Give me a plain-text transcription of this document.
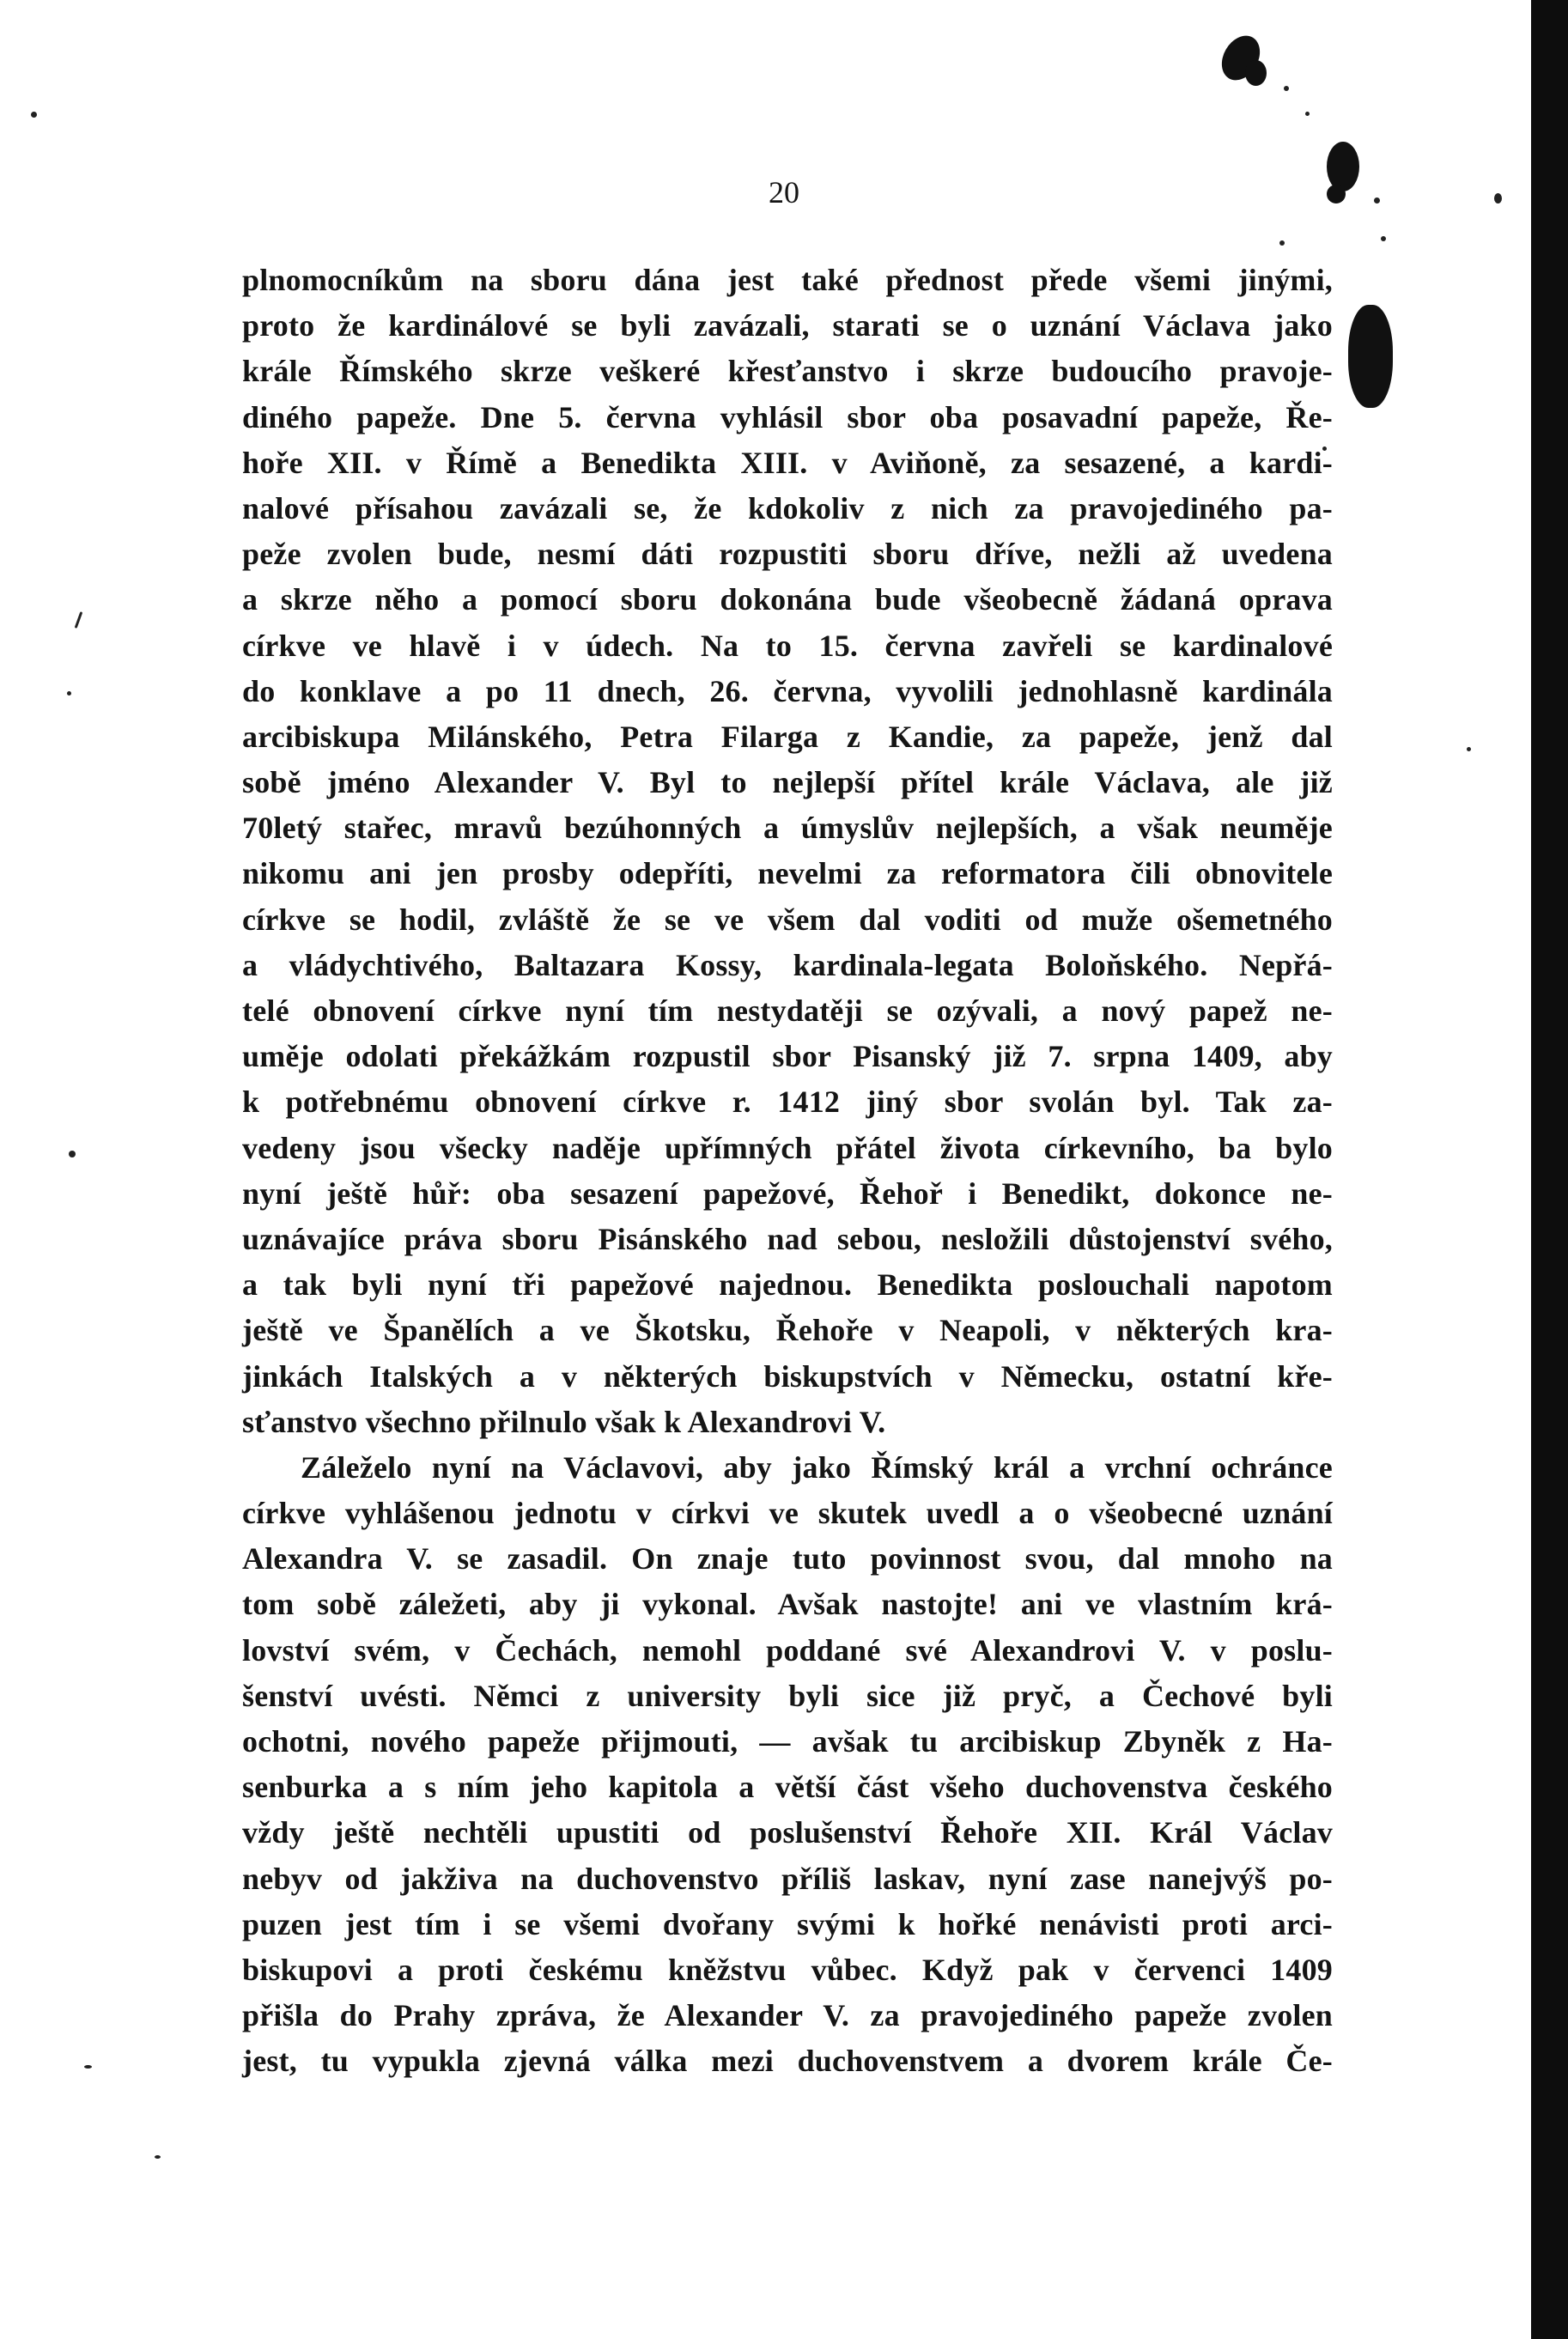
20
plnomocníkům na sboru dána jest také přednost přede všemi jinými,
proto že kardinálové se byli zavázali, starati se o uznání Václava jako
krále Římského skrze veškeré křesťanstvo i skrze budoucího pravoje-
diného papeže. Dne 5. června vyhlásil sbor oba posavadní papeže, Ře-
hoře XII. v Římě a Benedikta XIII. v Aviňoně, za sesazené, a kardi-
nalové přísahou zavázali se, že kdokoliv z nich za pravojediného pa-
peže zvolen bude, nesmí dáti rozpustiti sboru dříve, nežli až uvedena
a skrze něho a pomocí sboru dokonána bude všeobecně žádaná oprava
církve ve hlavě i v údech. Na to 15. června zavřeli se kardinalové
do konklave a po 11 dnech, 26. června, vyvolili jednohlasně kardinála
arcibiskupa Milánského, Petra Filarga z Kandie, za papeže, jenž dal
sobě jméno Alexander V. Byl to nejlepší přítel krále Václava, ale již
70letý stařec, mravů bezúhonných a úmyslův nejlepších, a však neuměje
nikomu ani jen prosby odepříti, nevelmi za reformatora čili obnovitele
církve se hodil, zvláště že se ve všem dal voditi od muže ošemetného
a vládychtivého, Baltazara Kossy, kardinala-legata Boloňského. Nepřá-
telé obnovení církve nyní tím nestydatěji se ozývali, a nový papež ne-
uměje odolati překážkám rozpustil sbor Pisanský již 7. srpna 1409, aby
k potřebnému obnovení církve r. 1412 jiný sbor svolán byl. Tak za-
vedeny jsou všecky naděje upřímných přátel života církevního, ba bylo
nyní ještě hůř: oba sesazení papežové, Řehoř i Benedikt, dokonce ne-
uznávajíce práva sboru Pisánského nad sebou, nesložili důstojenství svého,
a tak byli nyní tři papežové najednou. Benedikta poslouchali napotom
ještě ve Španělích a ve Škotsku, Řehoře v Neapoli, v některých kra-
jinkách Italských a v některých biskupstvích v Německu, ostatní kře-
sťanstvo všechno přilnulo však k Alexandrovi V.
Záleželo nyní na Václavovi, aby jako Římský král a vrchní ochránce
církve vyhlášenou jednotu v církvi ve skutek uvedl a o všeobecné uznání
Alexandra V. se zasadil. On znaje tuto povinnost svou, dal mnoho na
tom sobě záležeti, aby ji vykonal. Avšak nastojte! ani ve vlastním krá-
lovství svém, v Čechách, nemohl poddané své Alexandrovi V. v poslu-
šenství uvésti. Němci z university byli sice již pryč, a Čechové byli
ochotni, nového papeže přijmouti, — avšak tu arcibiskup Zbyněk z Ha-
senburka a s ním jeho kapitola a větší část všeho duchovenstva českého
vždy ještě nechtěli upustiti od poslušenství Řehoře XII. Král Václav
nebyv od jakživa na duchovenstvo příliš laskav, nyní zase nanejvýš po-
puzen jest tím i se všemi dvořany svými k hořké nenávisti proti arci-
biskupovi a proti českému kněžstvu vůbec. Když pak v červenci 1409
přišla do Prahy zpráva, že Alexander V. za pravojediného papeže zvolen
jest, tu vypukla zjevná válka mezi duchovenstvem a dvorem krále Če-
